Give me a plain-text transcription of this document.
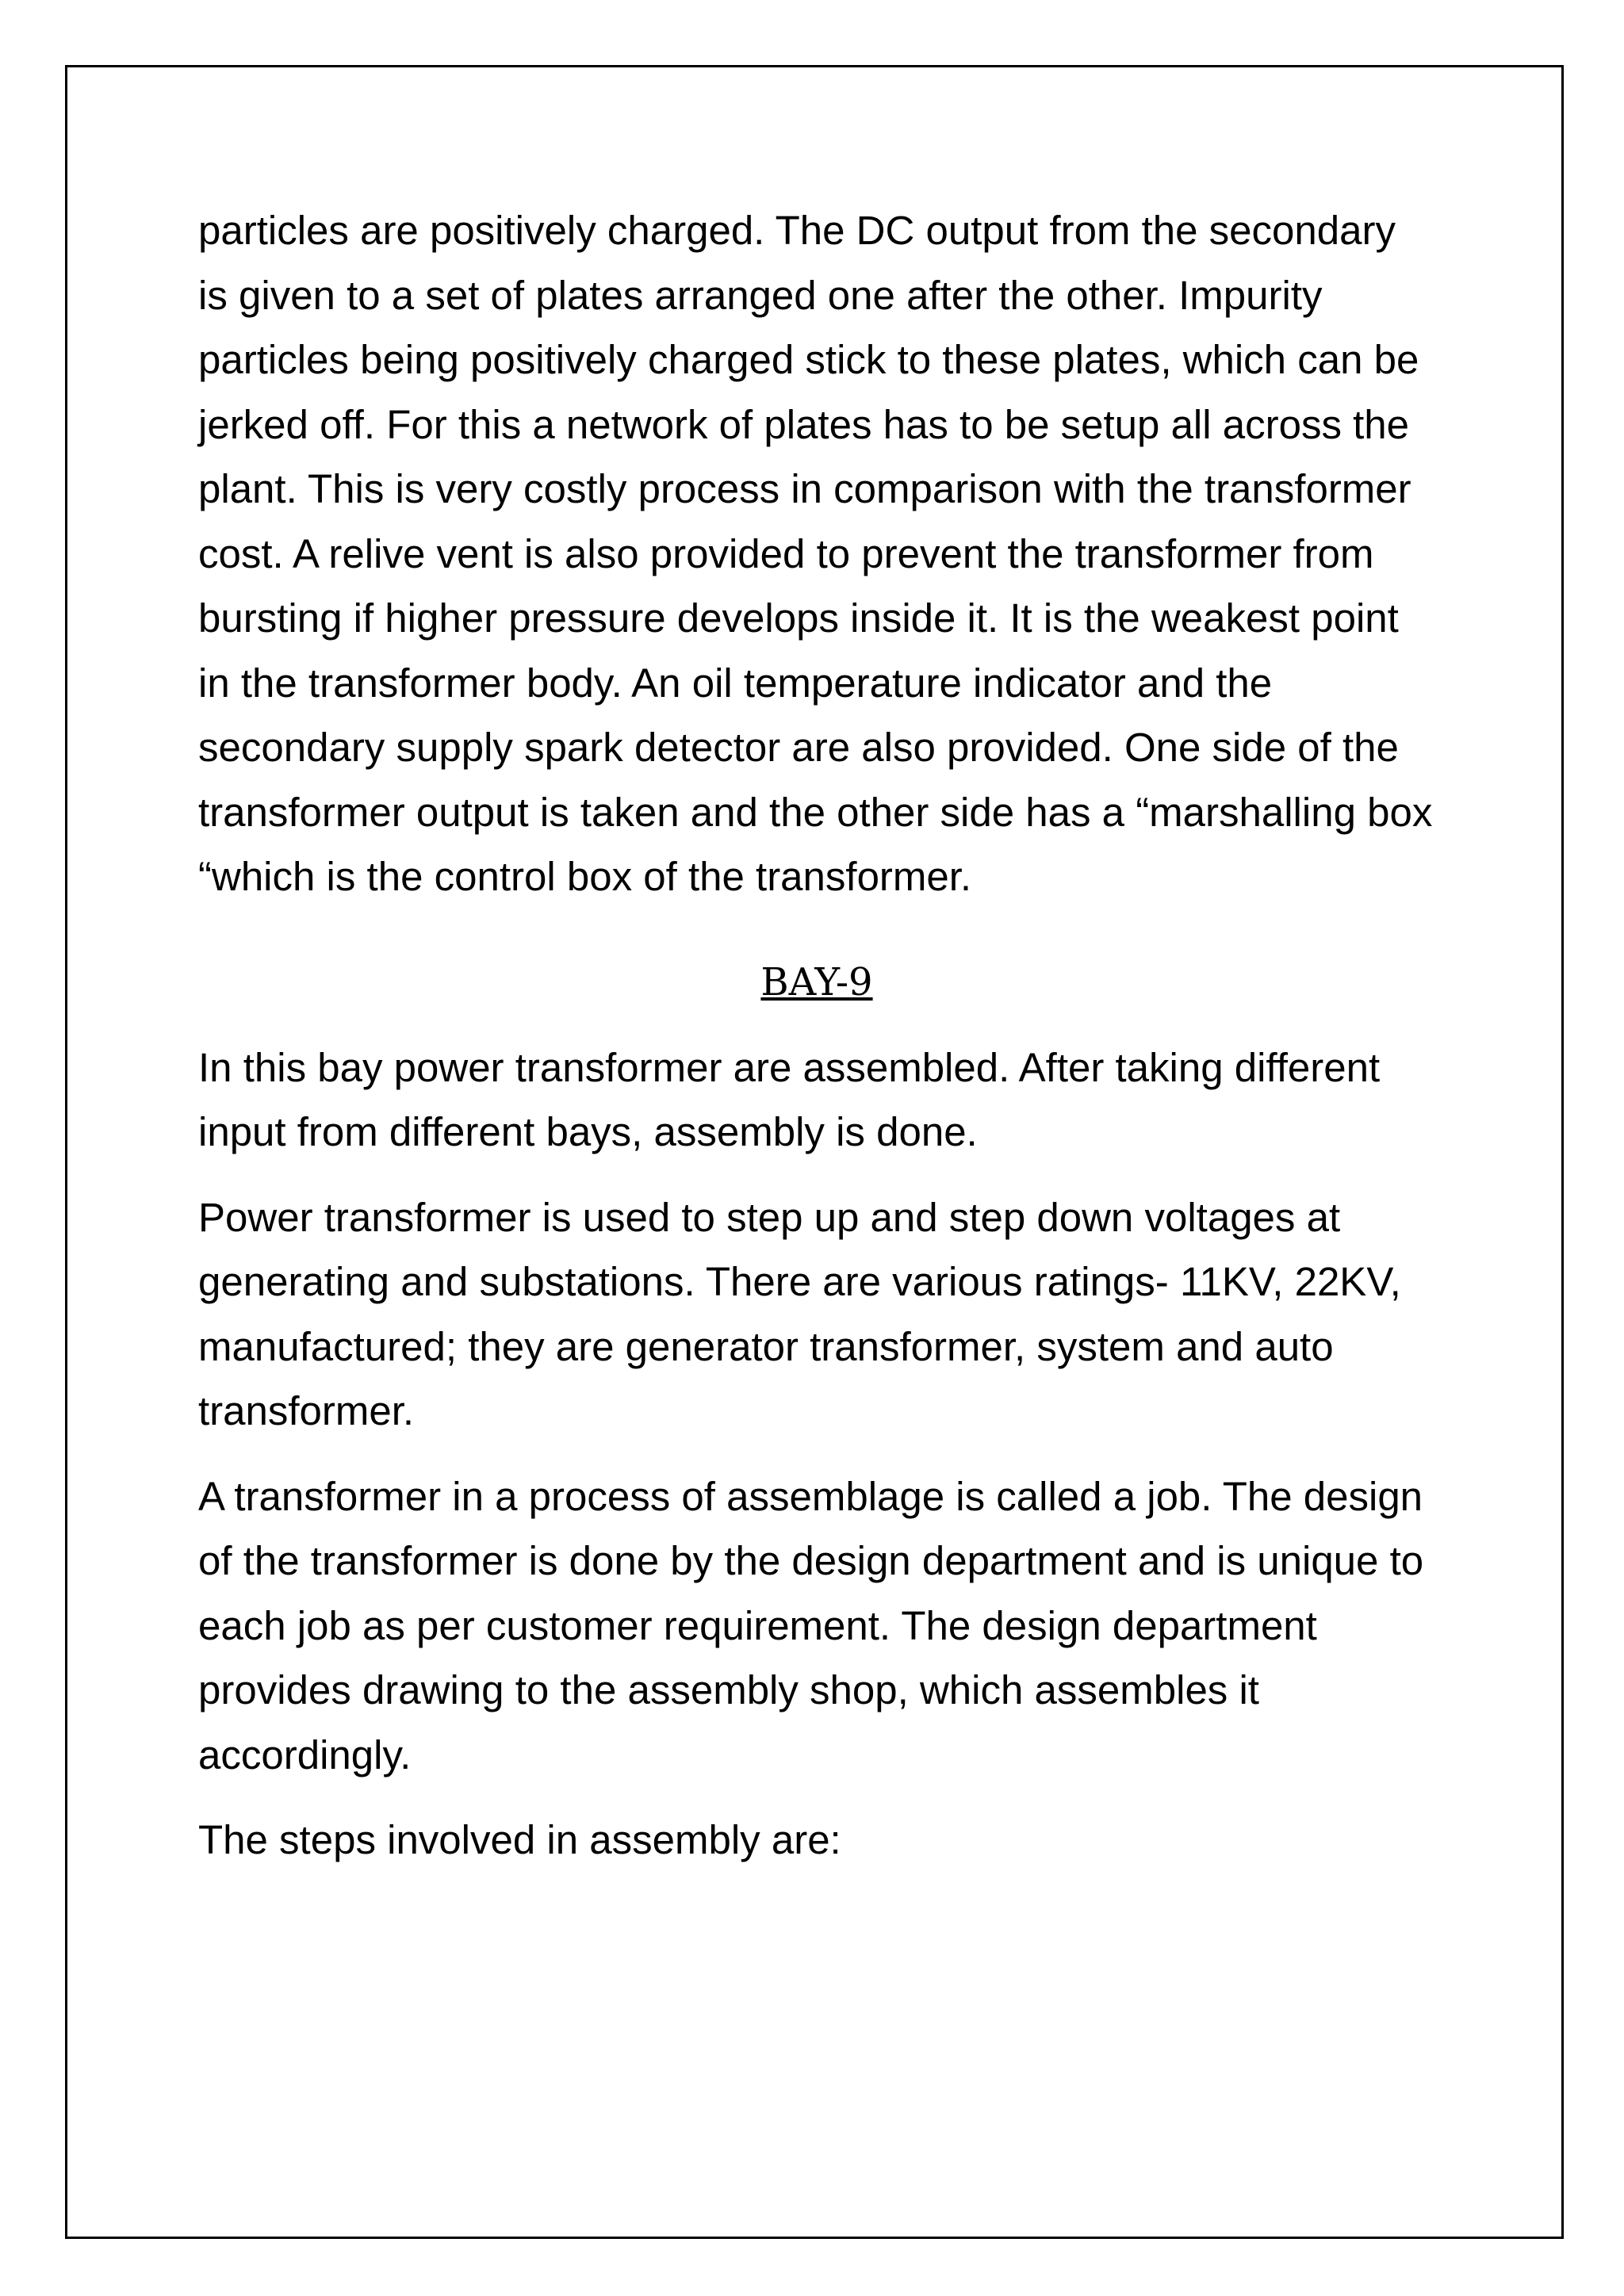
particles are positively charged. The DC output from the secondary is given to a set of plates arranged one after the other. Impurity particles being positively charged stick to these plates, which can be jerked off. For this a network of plates has to be setup all across the plant. This is very costly process in comparison with the transformer cost. A relive vent is also provided to prevent the transformer from bursting if higher pressure develops inside it. It is the weakest point in the transformer body. An oil temperature indicator and the secondary supply spark detector are also provided. One side of the transformer output is taken and the other side has a “marshalling box “which is the control box of the transformer.

BAY-9

In this bay power transformer are assembled. After taking different input from different bays, assembly is done.

Power transformer is used to step up and step down voltages at generating and substations. There are various ratings- 11KV, 22KV, manufactured; they are generator transformer, system and auto transformer.

A transformer in a process of assemblage is called a job. The design of the transformer is done by the design department and is unique to each job as per customer requirement. The design department provides drawing to the assembly shop, which assembles it accordingly.

The steps involved in assembly are:
